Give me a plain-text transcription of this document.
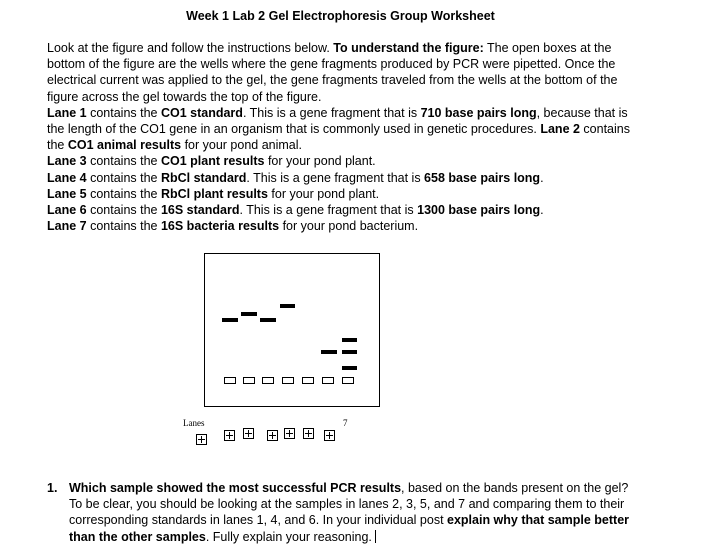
Week 1 Lab 2 Gel Electrophoresis Group Worksheet

Look at the figure and follow the instructions below. To understand the figure: The open boxes at the bottom of the figure are the wells where the gene fragments produced by PCR were pipetted. Once the electrical current was applied to the gel, the gene fragments traveled from the wells at the bottom of the figure across the gel towards the top of the figure.

Lane 1 contains the CO1 standard. This is a gene fragment that is 710 base pairs long, because that is the length of the CO1 gene in an organism that is commonly used in genetic procedures. Lane 2 contains the CO1 animal results for your pond animal.

Lane 3 contains the CO1 plant results for your pond plant.

Lane 4 contains the RbCl standard. This is a gene fragment that is 658 base pairs long.

Lane 5 contains the RbCl plant results for your pond plant.

Lane 6 contains the 16S standard. This is a gene fragment that is 1300 base pairs long.

Lane 7 contains the 16S bacteria results for your pond bacterium.

Lanes	7
1. Which sample showed the most successful PCR results, based on the bands present on the gel? To be clear, you should be looking at the samples in lanes 2, 3, 5, and 7 and comparing them to their corresponding standards in lanes 1, 4, and 6. In your individual post explain why that sample better than the other samples. Fully explain your reasoning.
